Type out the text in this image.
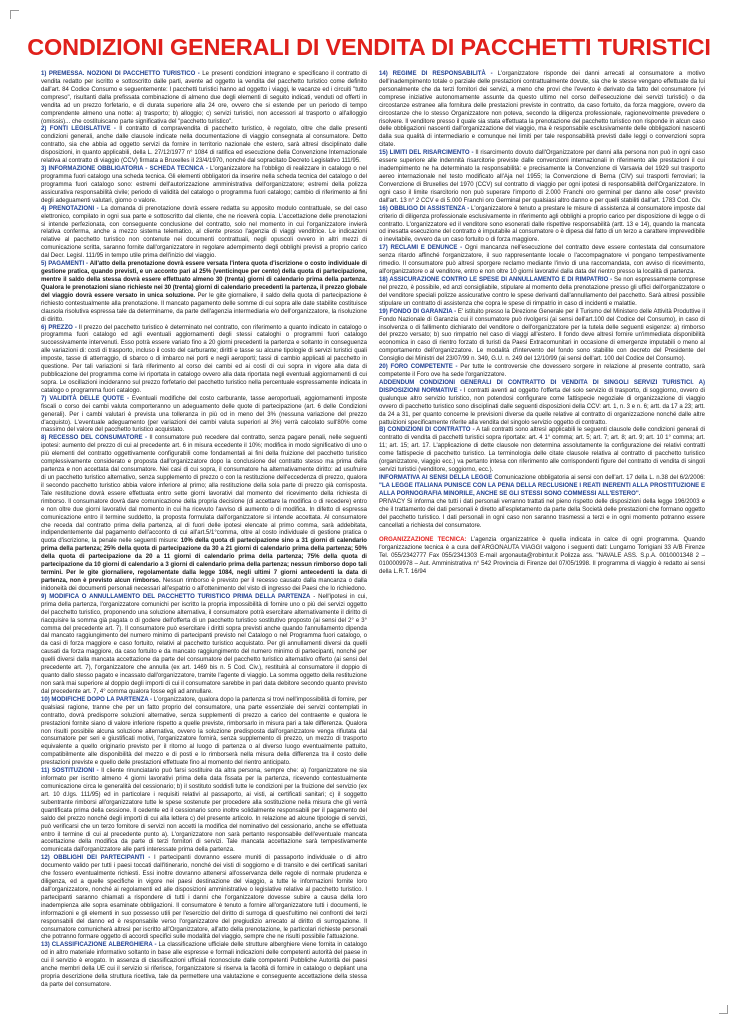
CONDIZIONI GENERALI DI VENDITA DI PACCHETTI TURISTICI

1) PREMESSA. NOZIONI DI PACCHETTO TURISTICO - Le presenti condizioni integrano e specificano il contratto di vendita redatto per iscritto e sottoscritto dalle parti, avente ad oggetto la vendita del pacchetto turistico come definito dall'art. 84 Codice Consumo e seguentemente: I pacchetti turistici hanno ad oggetto i viaggi, le vacanze ed i circuiti "tutto compreso", risultanti dalla prefissata combinazione di almeno due degli elementi di seguito indicati, venduti od offerti in vendita ad un prezzo forfetario, e di durata superiore alla 24 ore, ovvero che si estende per un periodo di tempo comprendente almeno una notte: a) trasporto; b) alloggio; c) servizi turistici, non accessori al trasporto o all'alloggio (omissis)... che costituiscano parte significativa del "pacchetto turistico".

2) FONTI LEGISLATIVE - Il contratto di compravendita di pacchetto turistico, è regolato, oltre che dalle presenti condizioni generali, anche dalle clausole indicate nella documentazione di viaggio consegnata al consumatore. Detto contratto, sia che abbia ad oggetto servizi da fornire in territorio nazionale che estero, sarà altresì disciplinato dalle disposizioni, in quanto applicabili, della L. 27/12/1977 n° 1084 di ratifica ed esecuzione della Convenzione Internazionale relativa al contratto di viaggio (CCV) firmata a Bruxelles il 23/4/1970, nonché dal sopracitato Decreto Legislativo 111/95.

3) INFORMAZIONE OBBLIGATORIA - SCHEDA TECNICA - L'organizzatore ha l'obbligo di realizzare in catalogo o nel programma fuori catalogo una scheda tecnica. Gli elementi obbligatori da inserire nella scheda tecnica del catalogo o del programma fuori catalogo sono: estremi dell'autorizzazione amministrativa dell'organizzatore; estremi della polizza assicurativa responsabilità civile; periodo di validità del catalogo o programma fuori catalogo; cambio di riferimento ai fini degli adeguamenti valutari, giorno o valore.

4) PRENOTAZIONI - La domanda di prenotazione dovrà essere redatta su apposito modulo contrattuale, se del caso elettronico, compilato in ogni sua parte e sottoscritto dal cliente, che ne riceverà copia. L'accettazione delle prenotazioni si intende perfezionata, con conseguente conclusione del contratto, solo nel momento in cui l'organizzatore invierà relativa conferma, anche a mezzo sistema telematico, al cliente presso l'agenzia di viaggi venditrice. Le indicazioni relative al pacchetto turistico non contenute nei documenti contrattuali, negli opuscoli ovvero in altri mezzi di comunicazione scritta, saranno fornite dall'organizzatore in regolare adempimento degli obblighi previsti a proprio carico dal Decr. Legisl. 111/95 in tempo utile prima dell'inizio del viaggio.

5) PAGAMENTI - All'atto della prenotazione dovrà essere versata l'intera quota d'iscrizione o costo individuale di gestione pratica, quando previsti, e un acconto pari al 25% (venticinque per cento) della quota di partecipazione, mentre il saldo della stessa dovrà essere effettuato almeno 30 (trenta) giorni di calendario prima della partenza. Qualora le prenotazioni siano richieste nei 30 (trenta) giorni di calendario precedenti la partenza, il prezzo globale del viaggio dovrà essere versato in unica soluzione. Per le gite giornaliere, il saldo della quota di partecipazione è richiesto contestualmente alla prenotazione. Il mancato pagamento delle somme di cui sopra alle date stabilite costituisce clausola risolutiva espressa tale da determinarne, da parte dell'agenzia intermediaria e/o dell'organizzatore, la risoluzione di diritto.

6) PREZZO - Il prezzo del pacchetto turistico è determinato nel contratto, con riferimento a quanto indicato in catalogo o programma fuori catalogo ed agli eventuali aggiornamenti degli stessi cataloghi o programmi fuori catalogo successivamente intervenuti. Esso potrà essere variato fino a 20 giorni precedenti la partenza e soltanto in conseguenza alle variazioni di: costi di trasporto, incluso il costo del carburante; diritti e tasse su alcune tipologie di servizi turistici quali imposte, tasse di atterraggio, di sbarco o di imbarco nei porti e negli aeroporti; tassi di cambio applicati al pacchetto in questione. Per tali variazioni si farà riferimento al corso dei cambi ed ai costi di cui sopra in vigore alla data di pubblicazione del programma come ivi riportata in catalogo ovvero alla data riportata negli eventuali aggiornamenti di cui sopra. Le oscillazioni incideranno sul prezzo forfetario del pacchetto turistico nella percentuale espressamente indicata in catalogo o programma fuori catalogo.

7) VALIDITÀ DELLE QUOTE - Eventuali modifiche del costo carburante, tasse aeroportuali, aggiornamenti imposte fiscali o corso dei cambi valuta comporteranno un adeguamento delle quote di partecipazione (art. 6 delle Condizioni generali). Per i cambi valutari è prevista una tolleranza in più od in meno del 3% (nessuna variazione del prezzo d'acquisto). L'eventuale adeguamento (per variazioni dei cambi valuta superiori al 3%) verrà calcolato sull'80% come massimo del valore del pacchetto turistico acquistato.

8) RECESSO DEL CONSUMATORE - Il consumatore può recedere dal contratto, senza pagare penali, nelle seguenti ipotesi: aumento del prezzo di cui al precedente art. 6 in misura eccedente il 10%; modifica in modo significativo di uno o più elementi del contratto oggettivamente configurabili come fondamentali ai fini della fruizione del pacchetto turistico complessivamente considerato e proposta dall'organizzatore dopo la conclusione del contratto stesso ma prima della partenza e non accettata dal consumatore. Nei casi di cui sopra, il consumatore ha alternativamente diritto: ad usufruire di un pacchetto turistico alternativo, senza supplemento di prezzo o con la restituzione dell'eccedenza di prezzo, qualora il secondo pacchetto turistico abbia valore inferiore al primo; alla restituzione della sola parte di prezzo già corrisposta. Tale restituzione dovrà essere effettuata entro sette giorni lavorativi dal momento del ricevimento della richiesta di rimborso. Il consumatore dovrà dare comunicazione della propria decisione (di accettare la modifica o di recedere) entro e non oltre due giorni lavorativi dal momento in cui ha ricevuto l'avviso di aumento o di modifica. In difetto di espressa comunicazione entro il termine suddetto, la proposta formulata dall'organizzatore si intende accettata. Al consumatore che receda dal contratto prima della partenza, al di fuori delle ipotesi elencate al primo comma, sarà addebitata, indipendentemente dal pagamento dell'acconto di cui all'art.5/1°comma, oltre al costo individuale di gestione pratica o quota d'iscrizione, la penale nelle seguenti misure: 10% della quota di partecipazione sino a 31 giorni di calendario prima della partenza; 25% della quota di partecipazione da 30 a 21 giorni di calendario prima della partenza; 50% della quota di partecipazione da 20 a 11 giorni di calendario prima della partenza; 75% della quota di partecipazione da 10 giorni di calendario a 3 giorni di calendario prima della partenza; nessun rimborso dopo tali termini. Per le gite giornaliere, regolamentate dalla legge 1084, negli ultimi 7 giorni antecedenti la data di partenza, non è previsto alcun rimborso. Nessun rimborso è previsto per il recesso causato dalla mancanza o dalla inidoneità dei documenti personali necessari all'espatrio o all'ottenimento del visto di ingresso dei Paesi che lo richiedono.

9) MODIFICA O ANNULLAMENTO DEL PACCHETTO TURISTICO PRIMA DELLA PARTENZA - Nell'ipotesi in cui, prima della partenza, l'organizzatore comunichi per iscritto la propria impossibilità di fornire uno o più dei servizi oggetto del pacchetto turistico, proponendo una soluzione alternativa, il consumatore potrà esercitare alternativamente il diritto di riacquisire la somma già pagata o di godere dell'offerta di un pacchetto turistico sostitutivo proposto (ai sensi del 2° e 3° comma del precedente art. 7). Il consumatore può esercitare i diritti sopra previsti anche quando l'annullamento dipenda dal mancato raggiungimento del numero minimo di partecipanti previsto nel Catalogo o nel Programma fuori catalogo, o da casi di forza maggiore e caso fortuito, relativi al pacchetto turistico acquistato. Per gli annullamenti diversi da quelli causati da forza maggiore, da caso fortuito e da mancato raggiungimento del numero minimo di partecipanti, nonché per quelli diversi dalla mancata accettazione da parte del consumatore del pacchetto turistico alternativo offerto (ai sensi del precedente art. 7), l'organizzatore che annulla (ex art. 1469 bis n. 5 Cod. Civ.), restituirà al consumatore il doppio di quanto dallo stesso pagato e incassato dall'organizzatore, tramite l'agente di viaggio. La somma oggetto della restituzione non sarà mai superiore al doppio degli importi di cui il consumatore sarebbe in pari data debitore secondo quanto previsto dal precedente art. 7, 4° comma qualora fosse egli ad annullare.

10) MODIFICHE DOPO LA PARTENZA - L'organizzatore, qualora dopo la partenza si trovi nell'impossibilità di fornire, per qualsiasi ragione, tranne che per un fatto proprio del consumatore, una parte essenziale dei servizi contemplati in contratto, dovrà predisporre soluzioni alternative, senza supplementi di prezzo a carico del contraente e qualora le prestazioni fornite siano di valore inferiore rispetto a quelle previste, rimborsarlo in misura pari a tale differenza. Qualora non risulti possibile alcuna soluzione alternativa, ovvero la soluzione predisposta dall'organizzatore venga rifiutata dal consumatore per seri e giustificati motivi, l'organizzatore fornirà, senza supplemento di prezzo, un mezzo di trasporto equivalente a quello originario previsto per il ritorno al luogo di partenza o al diverso luogo eventualmente pattuito, compatibilmente alle disponibilità del mezzo e di posti e lo rimborserà nella misura della differenza tra il costo delle prestazioni previste e quello delle prestazioni effettuate fino al momento del rientro anticipato.

11) SOSTITUZIONI - Il cliente rinunciatario può farsi sostituire da altra persona, sempre che: a) l'organizzatore ne sia informato per iscritto almeno 4 giorni lavorativi prima della data fissata per la partenza, ricevendo contestualmente comunicazione circa le generalità del cessionario; b) il sostituto soddisfi tutte le condizioni per la fruizione del servizio (ex art. 10 d.lgs. 111/95) ed in particolare i requisiti relativi al passaporto, ai visti, ai certificati sanitari; c) il soggetto subentrante rimborsi all'organizzatore tutte le spese sostenute per procedere alla sostituzione nella misura che gli verrà quantificata prima della cessione. Il cedente ed il cessionario sono inoltre solidalmente responsabili per il pagamento del saldo del prezzo nonché degli importi di cui alla lettera c) del presente articolo. In relazione ad alcune tipologie di servizi, può verificarsi che un terzo fornitore di servizi non accetti la modifica del nominativo del cessionario, anche se effettuata entro il termine di cui al precedente punto a). L'organizzatore non sarà pertanto responsabile dell'eventuale mancata accettazione della modifica da parte di terzi fornitori di servizi. Tale mancata accettazione sarà tempestivamente comunicata dall'organizzatore alle parti interessate prima della partenza.

12) OBBLIGHI DEI PARTECIPANTI - I partecipanti dovranno essere muniti di passaporto individuale o di altro documento valido per tutti i paesi toccati dall'itinerario, nonché dei visti di soggiorno e di transito e dei certificati sanitari che fossero eventualmente richiesti. Essi inoltre dovranno attenersi all'osservanza delle regole di normale prudenza e diligenza, ed a quelle specifiche in vigore nei paesi destinazione del viaggio, a tutte le informazioni fornite loro dall'organizzatore, nonché ai regolamenti ed alle disposizioni amministrative o legislative relative al pacchetto turistico. I partecipanti saranno chiamati a rispondere di tutti i danni che l'organizzatore dovesse subire a causa della loro inadempienza alle sopra esaminate obbligazioni. Il consumatore è tenuto a fornire all'organizzatore tutti i documenti, le informazioni e gli elementi in suo possesso utili per l'esercizio del diritto di surroga di quest'ultimo nei confronti dei terzi responsabili del danno ed è responsabile verso l'organizzatore del pregiudizio arrecato al diritto di surrogazione. Il consumatore comunicherà altresì per iscritto all'Organizzatore, all'atto della prenotazione, le particolari richieste personali che potranno formare oggetto di accordi specifici sulle modalità del viaggio, sempre che ne risulti possibile l'attuazione.

13) CLASSIFICAZIONE ALBERGHIERA - La classificazione ufficiale delle strutture alberghiere viene fornita in catalogo od in altro materiale informativo soltanto in base alle espresse e formali indicazioni delle competenti autorità del paese in cui il servizio è erogato. In assenza di classificazioni ufficiali riconosciute dalle competenti Pubbliche Autorità dei paesi anche membri della UE cui il servizio si riferisce, l'organizzatore si riserva la facoltà di fornire in catalogo o depliant una propria descrizione della struttura ricettiva, tale da permettere una valutazione e conseguente accettazione della stessa da parte del consumatore.

14) REGIME DI RESPONSABILITÀ - L'organizzatore risponde dei danni arrecati al consumatore a motivo dell'inadempimento totale o parziale delle prestazioni contrattualmente dovute, sia che le stesse vengano effettuate da lui personalmente che da terzi fornitori dei servizi, a meno che provi che l'evento è derivato da fatto del consumatore (vi comprese iniziative autonomamente assunte da questo ultimo nel corso dell'esecuzione dei servizi turistici) o da circostanze estranee alla fornitura delle prestazioni previste in contratto, da caso fortuito, da forza maggiore, ovvero da circostanze che lo stesso Organizzatore non poteva, secondo la diligenza professionale, ragionevolmente prevedere o risolvere. Il venditore presso il quale sia stata effettuata la prenotazione del pacchetto turistico non risponde in alcun caso delle obbligazioni nascenti dall'organizzazione del viaggio, ma è responsabile esclusivamente delle obbligazioni nascenti dalla sua qualità di intermediario e comunque nei limiti per tale responsabilità previsti dalle leggi o convenzioni sopra citate.

15) LIMITI DEL RISARCIMENTO - Il risarcimento dovuto dall'Organizzatore per danni alla persona non può in ogni caso essere superiore alle indennità risarcitorie previste dalle convenzioni internazionali in riferimento alle prestazioni il cui inadempimento ne ha determinato la responsabilità: e precisamente la Convenzione di Varsavia del 1929 sul trasporto aereo internazionale nel testo modificato all'Aja nel 1955; la Convenzione di Berna (CIV) sui trasporti ferroviari; la Convenzione di Bruxelles del 1970 (CCV) sul contratto di viaggio per ogni ipotesi di responsabilità dell'Organizzatore. In ogni caso il limite risarcitorio non può superare l'importo di 2.000 Franchi oro germinal per danno alle cose* previsto dall'art. 13 n° 2 CCV e di 5.000 Franchi oro Germinal per qualsiasi altro danno e per quelli stabiliti dall'art. 1783 Cod. Civ.

16) OBBLIGO DI ASSISTENZA - L'organizzatore è tenuto a prestare le misure di assistenza al consumatore imposte dal criterio di diligenza professionale esclusivamente in riferimento agli obblighi a proprio carico per disposizione di legge o di contratto. L'organizzatore ed il venditore sono esonerati dalle rispettive responsabilità (artt. 13 e 14), quando la mancata od inesatta esecuzione del contratto è imputabile al consumatore o è dipesa dal fatto di un terzo a carattere imprevedibile o inevitabile, ovvero da un caso fortuito o di forza maggiore.

17) RECLAMI E DENUNCE - Ogni mancanza nell'esecuzione del contratto deve essere contestata dal consumatore senza ritardo affinché l'organizzatore, il suo rappresentante locale o l'accompagnatore vi pongano tempestivamente rimedio. Il consumatore può altresì sporgere reclamo mediante l'invio di una raccomandata, con avviso di ricevimento, all'organizzatore o al venditore, entro e non oltre 10 giorni lavorativi dalla data del rientro presso la località di partenza.

18) ASSICURAZIONE CONTRO LE SPESE DI ANNULLAMENTO E DI RIMPATRIO - Se non espressamente comprese nel prezzo, è possibile, ed anzi consigliabile, stipulare al momento della prenotazione presso gli uffici dell'organizzatore o del venditore speciali polizze assicurative contro le spese derivanti dall'annullamento del pacchetto. Sarà altresì possibile stipulare un contratto di assistenza che copra le spese di rimpatrio in caso di incidenti e malattie.

19) FONDO DI GARANZIA - E' istituito presso la Direzione Generale per il Turismo del Ministero delle Attività Produttive il Fondo Nazionale di Garanzia cui il consumatore può rivolgersi (ai sensi dell'art.100 del Codice del Consumo), in caso di insolvenza o di fallimento dichiarato del venditore o dell'organizzatore per la tutela delle seguenti esigenze: a) rimborso del prezzo versato; b) suo rimpatrio nel caso di viaggi all'estero. Il fondo deve altresì fornire un'immediata disponibilità economica in caso di rientro forzato di turisti da Paesi Extracomunitari in occasione di emergenze imputabili o meno al comportamento dell'organizzatore. Le modalità d'intervento del fondo sono stabilite con decreto del Presidente del Consiglio dei Ministri del 23/07/99 n. 349, G.U. n. 249 del 12/10/99 (ai sensi dell'art. 100 del Codice del Consumo).

20) FORO COMPETENTE - Per tutte le controversie che dovessero sorgere in relazione al presente contratto, sarà competente il Foro ove ha sede l'organizzatore.

ADDENDUM CONDIZIONI GENERALI DI CONTRATTO DI VENDITA DI SINGOLI SERVIZI TURISTICI. A) DISPOSIZIONI NORMATIVE - I contratti aventi ad oggetto l'offerta del solo servizio di trasporto, di soggiorno, ovvero di qualunque altro servizio turistico, non potendosi configurare come fattispecie negoziale di organizzazione di viaggio ovvero di pacchetto turistico sono disciplinati dalle seguenti disposizioni della CCV: art. 1, n. 3 e n. 6; artt. da 17 a 23; artt. da 24 a 31, per quanto concerne le previsioni diverse da quelle relative al contratto di organizzazione nonché dalle altre pattuizioni specificamente riferite alla vendita del singolo servizio oggetto di contratto.

B) CONDIZIONI DI CONTRATTO - A tali contratti sono altresì applicabili le seguenti clausole delle condizioni generali di contratto di vendita di pacchetti turistici sopra riportate: art. 4 1° comma; art. 5; art. 7; art. 8; art. 9; art. 10 1° comma; art. 11; art. 15; art. 17. L'applicazione di dette clausole non determina assolutamente la configurazione dei relativi contratti come fattispecie di pacchetto turistico. La terminologia delle citate clausole relativa al contratto di pacchetto turistico (organizzatore, viaggio ecc.) va pertanto intesa con riferimento alle corrispondenti figure del contratto di vendita di singoli servizi turistici (venditore, soggiorno, ecc.).

INFORMATIVA AI SENSI DELLA LEGGE Comunicazione obbligatoria ai sensi con dell'art. 17 della L. n.38 del 6/2/2006: "LA LEGGE ITALIANA PUNISCE CON LA PENA DELLA RECLUSIONE I REATI INERENTI ALLA PROSTITUZIONE E ALLA PORNOGRAFIA MINORILE, ANCHE SE GLI STESSI SONO COMMESSI ALL'ESTERO".

PRIVACY Si informa che tutti i dati personali verranno trattati nel pieno rispetto delle disposizioni della legge 196/2003 e che il trattamento dei dati personali è diretto all'espletamento da parte della Società delle prestazioni che formano oggetto del pacchetto turistico. I dati personali in ogni caso non saranno trasmessi a terzi e in ogni momento potranno essere cancellati a richiesta del consumatore.

ORGANIZZAZIONE TECNICA: L'agenzia organizzatrice è quella indicata in calce di ogni programma. Quando l'organizzazione tecnica è a cura dell'ARGONAUTA VIAGGI valgono i seguenti dati: Lungarno Torrigiani 33 A/B Firenze Tel. 055/2342777 Fax 055/2341303 E-mail argonauta@robintur.it Polizza ass. "NAVALE ASS. S.p.A. 0010001348 2 – 0100009978 – Aut. Amministrativa n° 542 Provincia di Firenze del 07/05/1998. Il programma di viaggio è redatto ai sensi della L.R.T. 16/94
